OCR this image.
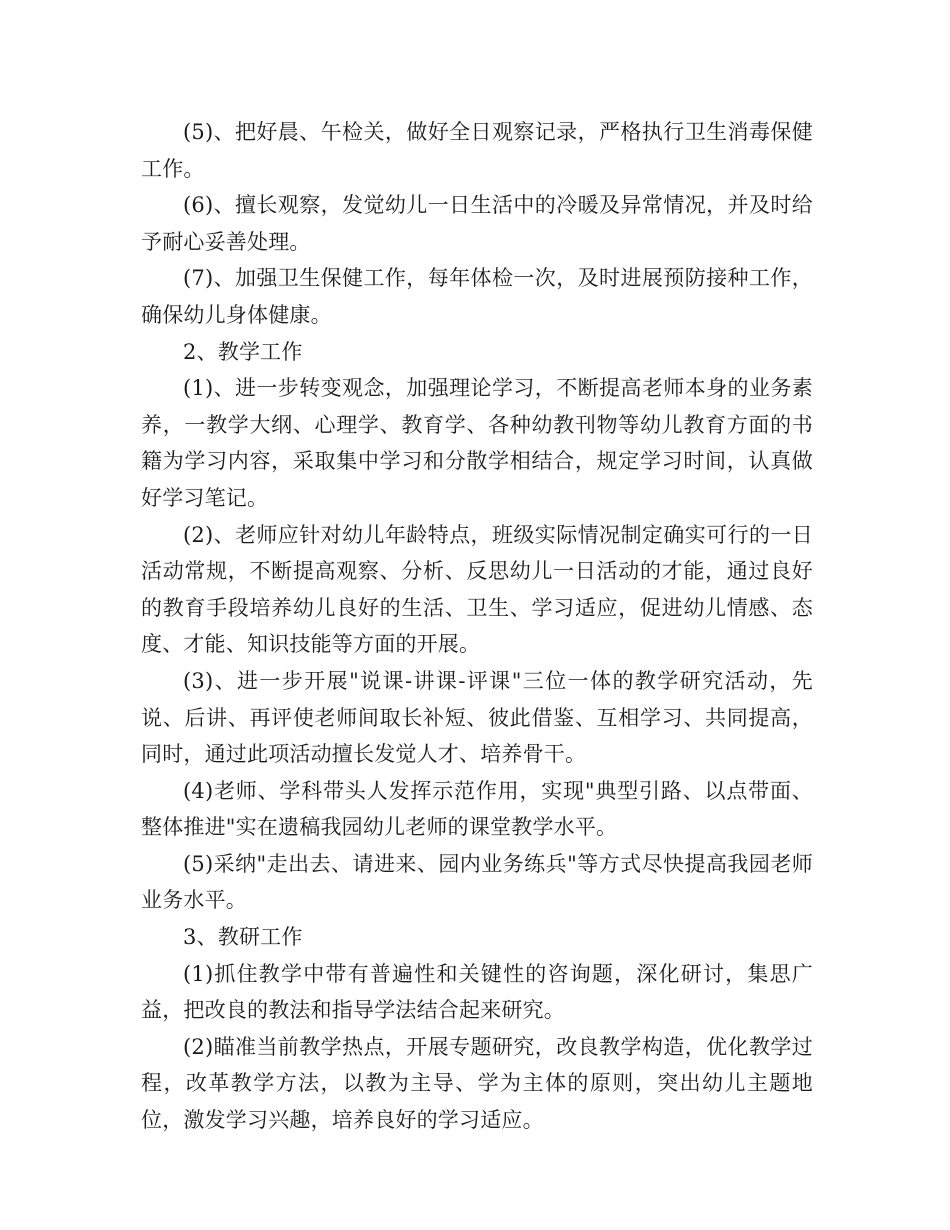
(5)、把好晨、午检关，做好全日观察记录，严格执行卫生消毒保健工作。

(6)、擅长观察，发觉幼儿一日生活中的冷暖及异常情况，并及时给予耐心妥善处理。

(7)、加强卫生保健工作，每年体检一次，及时进展预防接种工作，确保幼儿身体健康。

2、教学工作

(1)、进一步转变观念，加强理论学习，不断提高老师本身的业务素养，一教学大纲、心理学、教育学、各种幼教刊物等幼儿教育方面的书籍为学习内容，采取集中学习和分散学相结合，规定学习时间，认真做好学习笔记。

(2)、老师应针对幼儿年龄特点，班级实际情况制定确实可行的一日活动常规，不断提高观察、分析、反思幼儿一日活动的才能，通过良好的教育手段培养幼儿良好的生活、卫生、学习适应，促进幼儿情感、态度、才能、知识技能等方面的开展。

(3)、进一步开展"说课-讲课-评课"三位一体的教学研究活动，先说、后讲、再评使老师间取长补短、彼此借鉴、互相学习、共同提高，同时，通过此项活动擅长发觉人才、培养骨干。

(4)老师、学科带头人发挥示范作用，实现"典型引路、以点带面、整体推进"实在遗稿我园幼儿老师的课堂教学水平。

(5)采纳"走出去、请进来、园内业务练兵"等方式尽快提高我园老师业务水平。

3、教研工作

(1)抓住教学中带有普遍性和关键性的咨询题，深化研讨，集思广益，把改良的教法和指导学法结合起来研究。

(2)瞄准当前教学热点，开展专题研究，改良教学构造，优化教学过程，改革教学方法，以教为主导、学为主体的原则，突出幼儿主题地位，激发学习兴趣，培养良好的学习适应。
